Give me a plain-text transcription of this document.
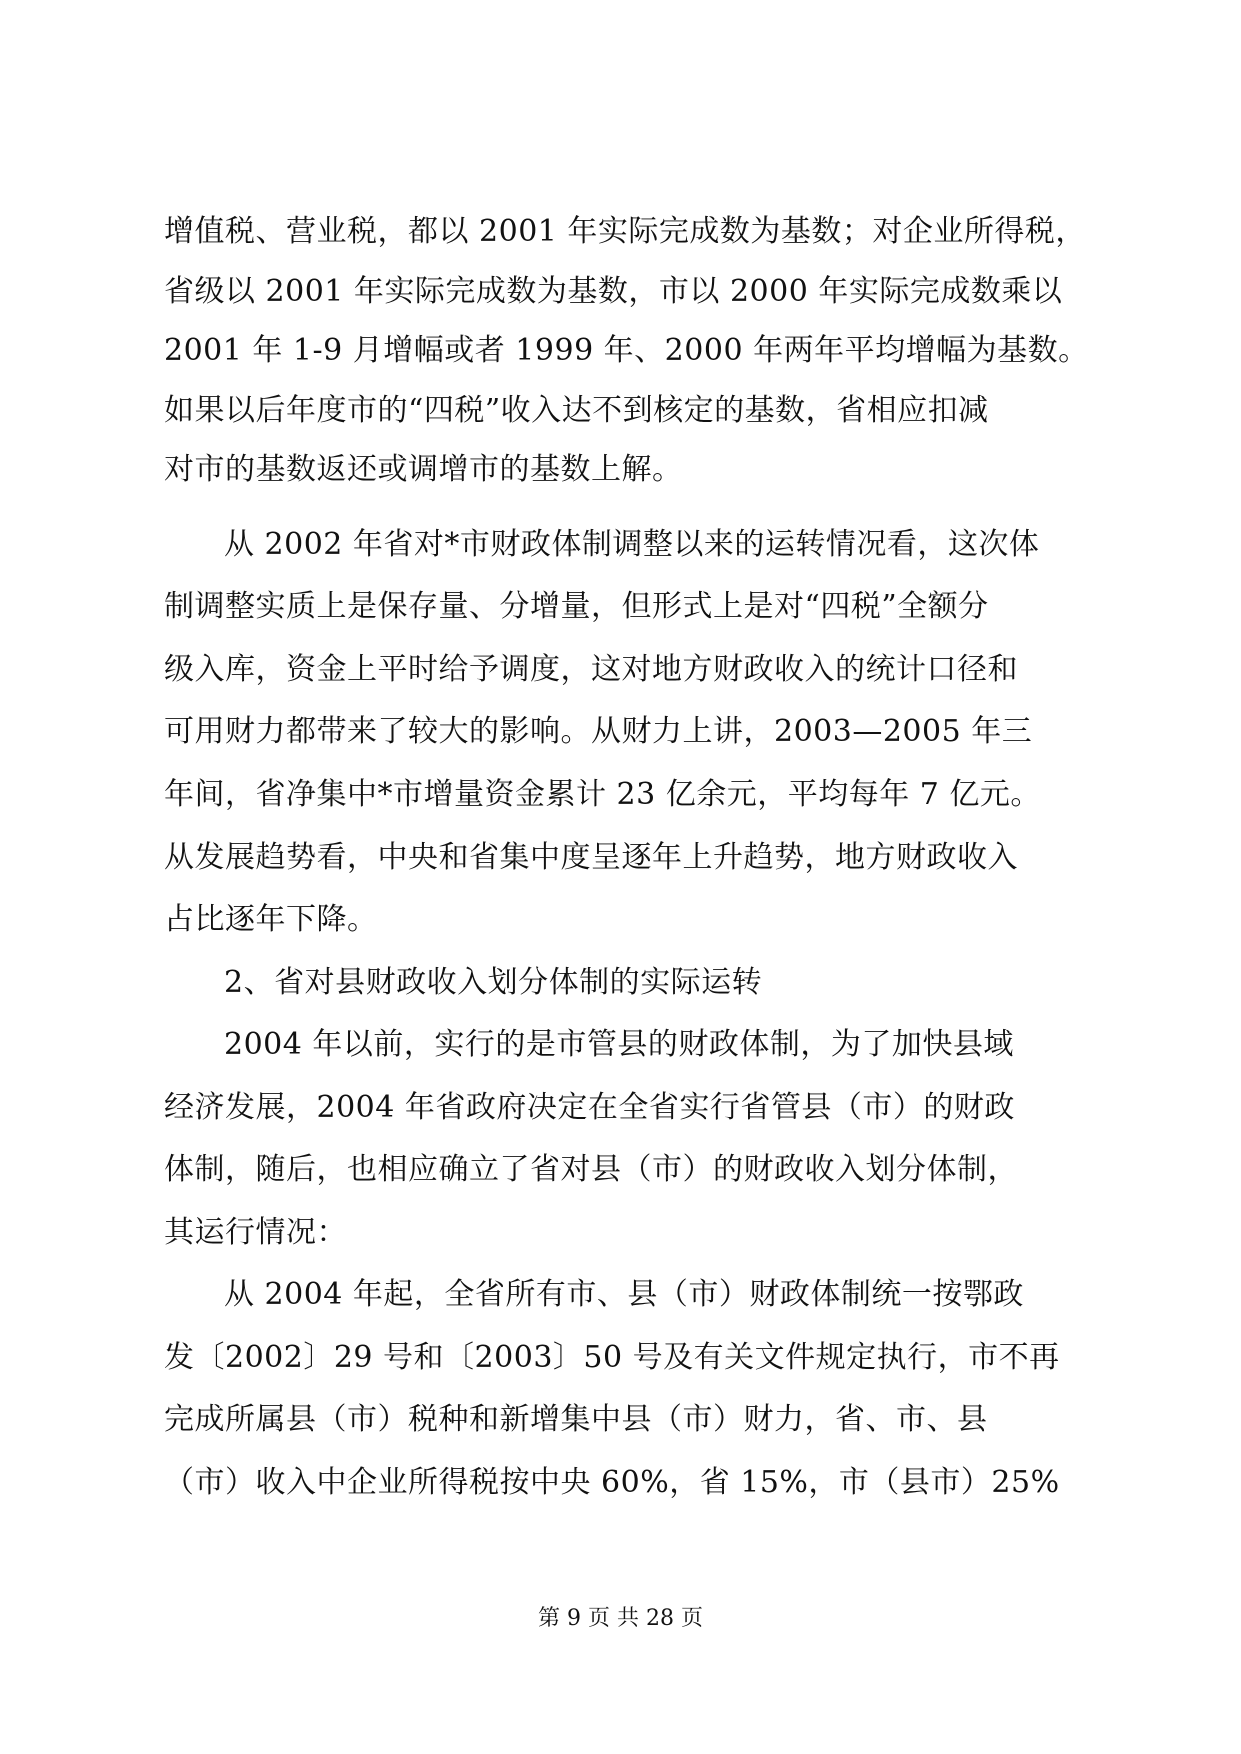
增值税、营业税，都以 2001 年实际完成数为基数；对企业所得税，
省级以 2001 年实际完成数为基数，市以 2000 年实际完成数乘以
2001 年 1-9 月增幅或者 1999 年、2000 年两年平均增幅为基数。
如果以后年度市的“四税”收入达不到核定的基数，省相应扣减
对市的基数返还或调增市的基数上解。
从 2002 年省对*市财政体制调整以来的运转情况看，这次体
制调整实质上是保存量、分增量，但形式上是对“四税”全额分
级入库，资金上平时给予调度，这对地方财政收入的统计口径和
可用财力都带来了较大的影响。从财力上讲，2003—2005 年三
年间，省净集中*市增量资金累计 23 亿余元，平均每年 7 亿元。
从发展趋势看，中央和省集中度呈逐年上升趋势，地方财政收入
占比逐年下降。
2、省对县财政收入划分体制的实际运转
2004 年以前，实行的是市管县的财政体制，为了加快县域
经济发展，2004 年省政府决定在全省实行省管县（市）的财政
体制，随后，也相应确立了省对县（市）的财政收入划分体制，
其运行情况：
从 2004 年起，全省所有市、县（市）财政体制统一按鄂政
发〔2002〕29 号和〔2003〕50 号及有关文件规定执行，市不再
完成所属县（市）税种和新增集中县（市）财力，省、市、县
（市）收入中企业所得税按中央 60%，省 15%，市（县市）25%
第 9 页 共 28 页
